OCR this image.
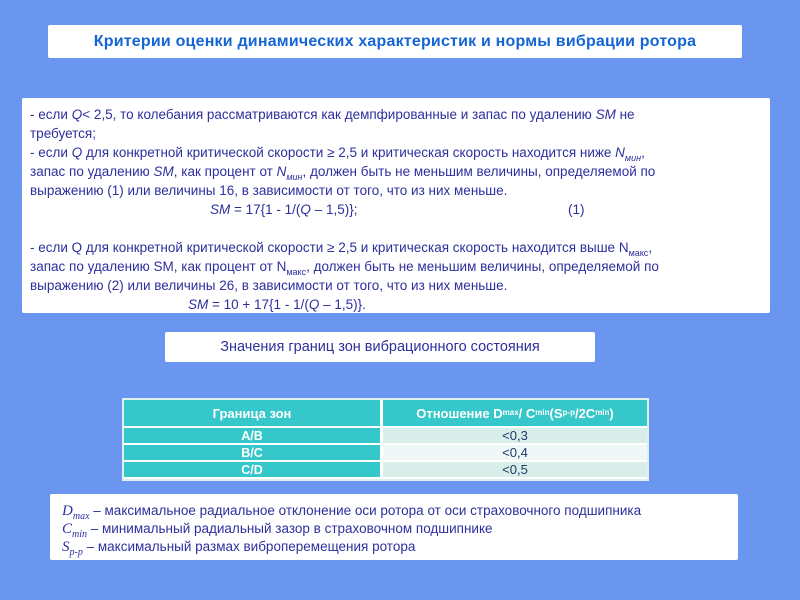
Критерии оценки динамических характеристик и нормы вибрации ротора
- если Q< 2,5, то колебания рассматриваются как демпфированные и запас по удалению SM не
требуется;
- если Q для конкретной критической скорости ≥ 2,5 и критическая скорость находится ниже $N_{мин}$,
запас по удалению SM, как процент от $N_{мин}$, должен быть не меньшим величины, определяемой по
выражению (1) или величины 16, в зависимости от того, что из них меньше.
SM = 17{1 - 1/(Q – 1,5)};	(1)
- если Q для конкретной критической скорости ≥ 2,5 и критическая скорость находится выше $N_{макс}$,
запас по удалению SM, как процент от $N_{макс}$, должен быть не меньшим величины, определяемой по
выражению (2) или величины 26, в зависимости от того, что из них меньше.
SM = 10 + 17{1 - 1/(Q – 1,5)}.
Значения границ зон вибрационного состояния
Граница зон	Отношение D max / C min (S p-p /2C min )
A/B	<0,3
B/C	<0,4
C/D	<0,5
$D_{max}$ – максимальное радиальное отклонение оси ротора от оси страховочного подшипника
$C_{min}$ – минимальный радиальный зазор в страховочном подшипнике
$S_{p-p}$ – максимальный размах виброперемещения ротора
